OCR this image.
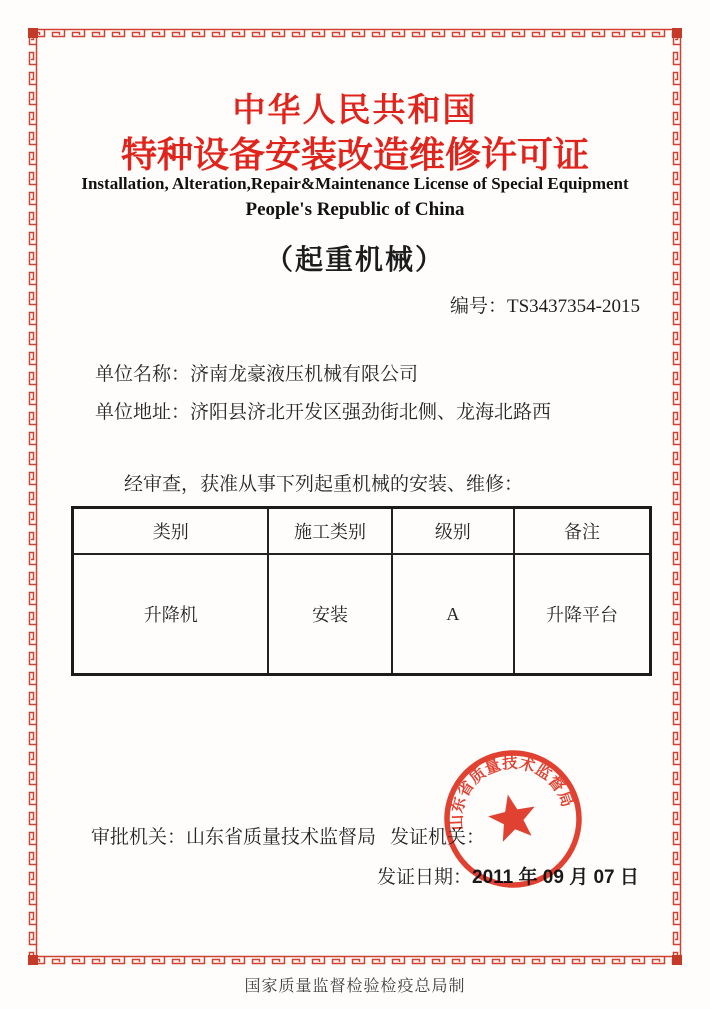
中华人民共和国
特种设备安装改造维修许可证
Installation, Alteration,Repair&Maintenance License of Special Equipment
People's Republic of China
（起重机械）
编号：TS3437354-2015
单位名称：济南龙豪液压机械有限公司
单位地址：济阳县济北开发区强劲街北侧、龙海北路西
经审查，获准从事下列起重机械的安装、维修：
类别	施工类别	级别	备注
升降机	安装	A	升降平台
审批机关：山东省质量技术监督局 发证机关：
发证日期：2011 年 09 月 07 日
山东省质量技术监督局
国家质量监督检验检疫总局制
